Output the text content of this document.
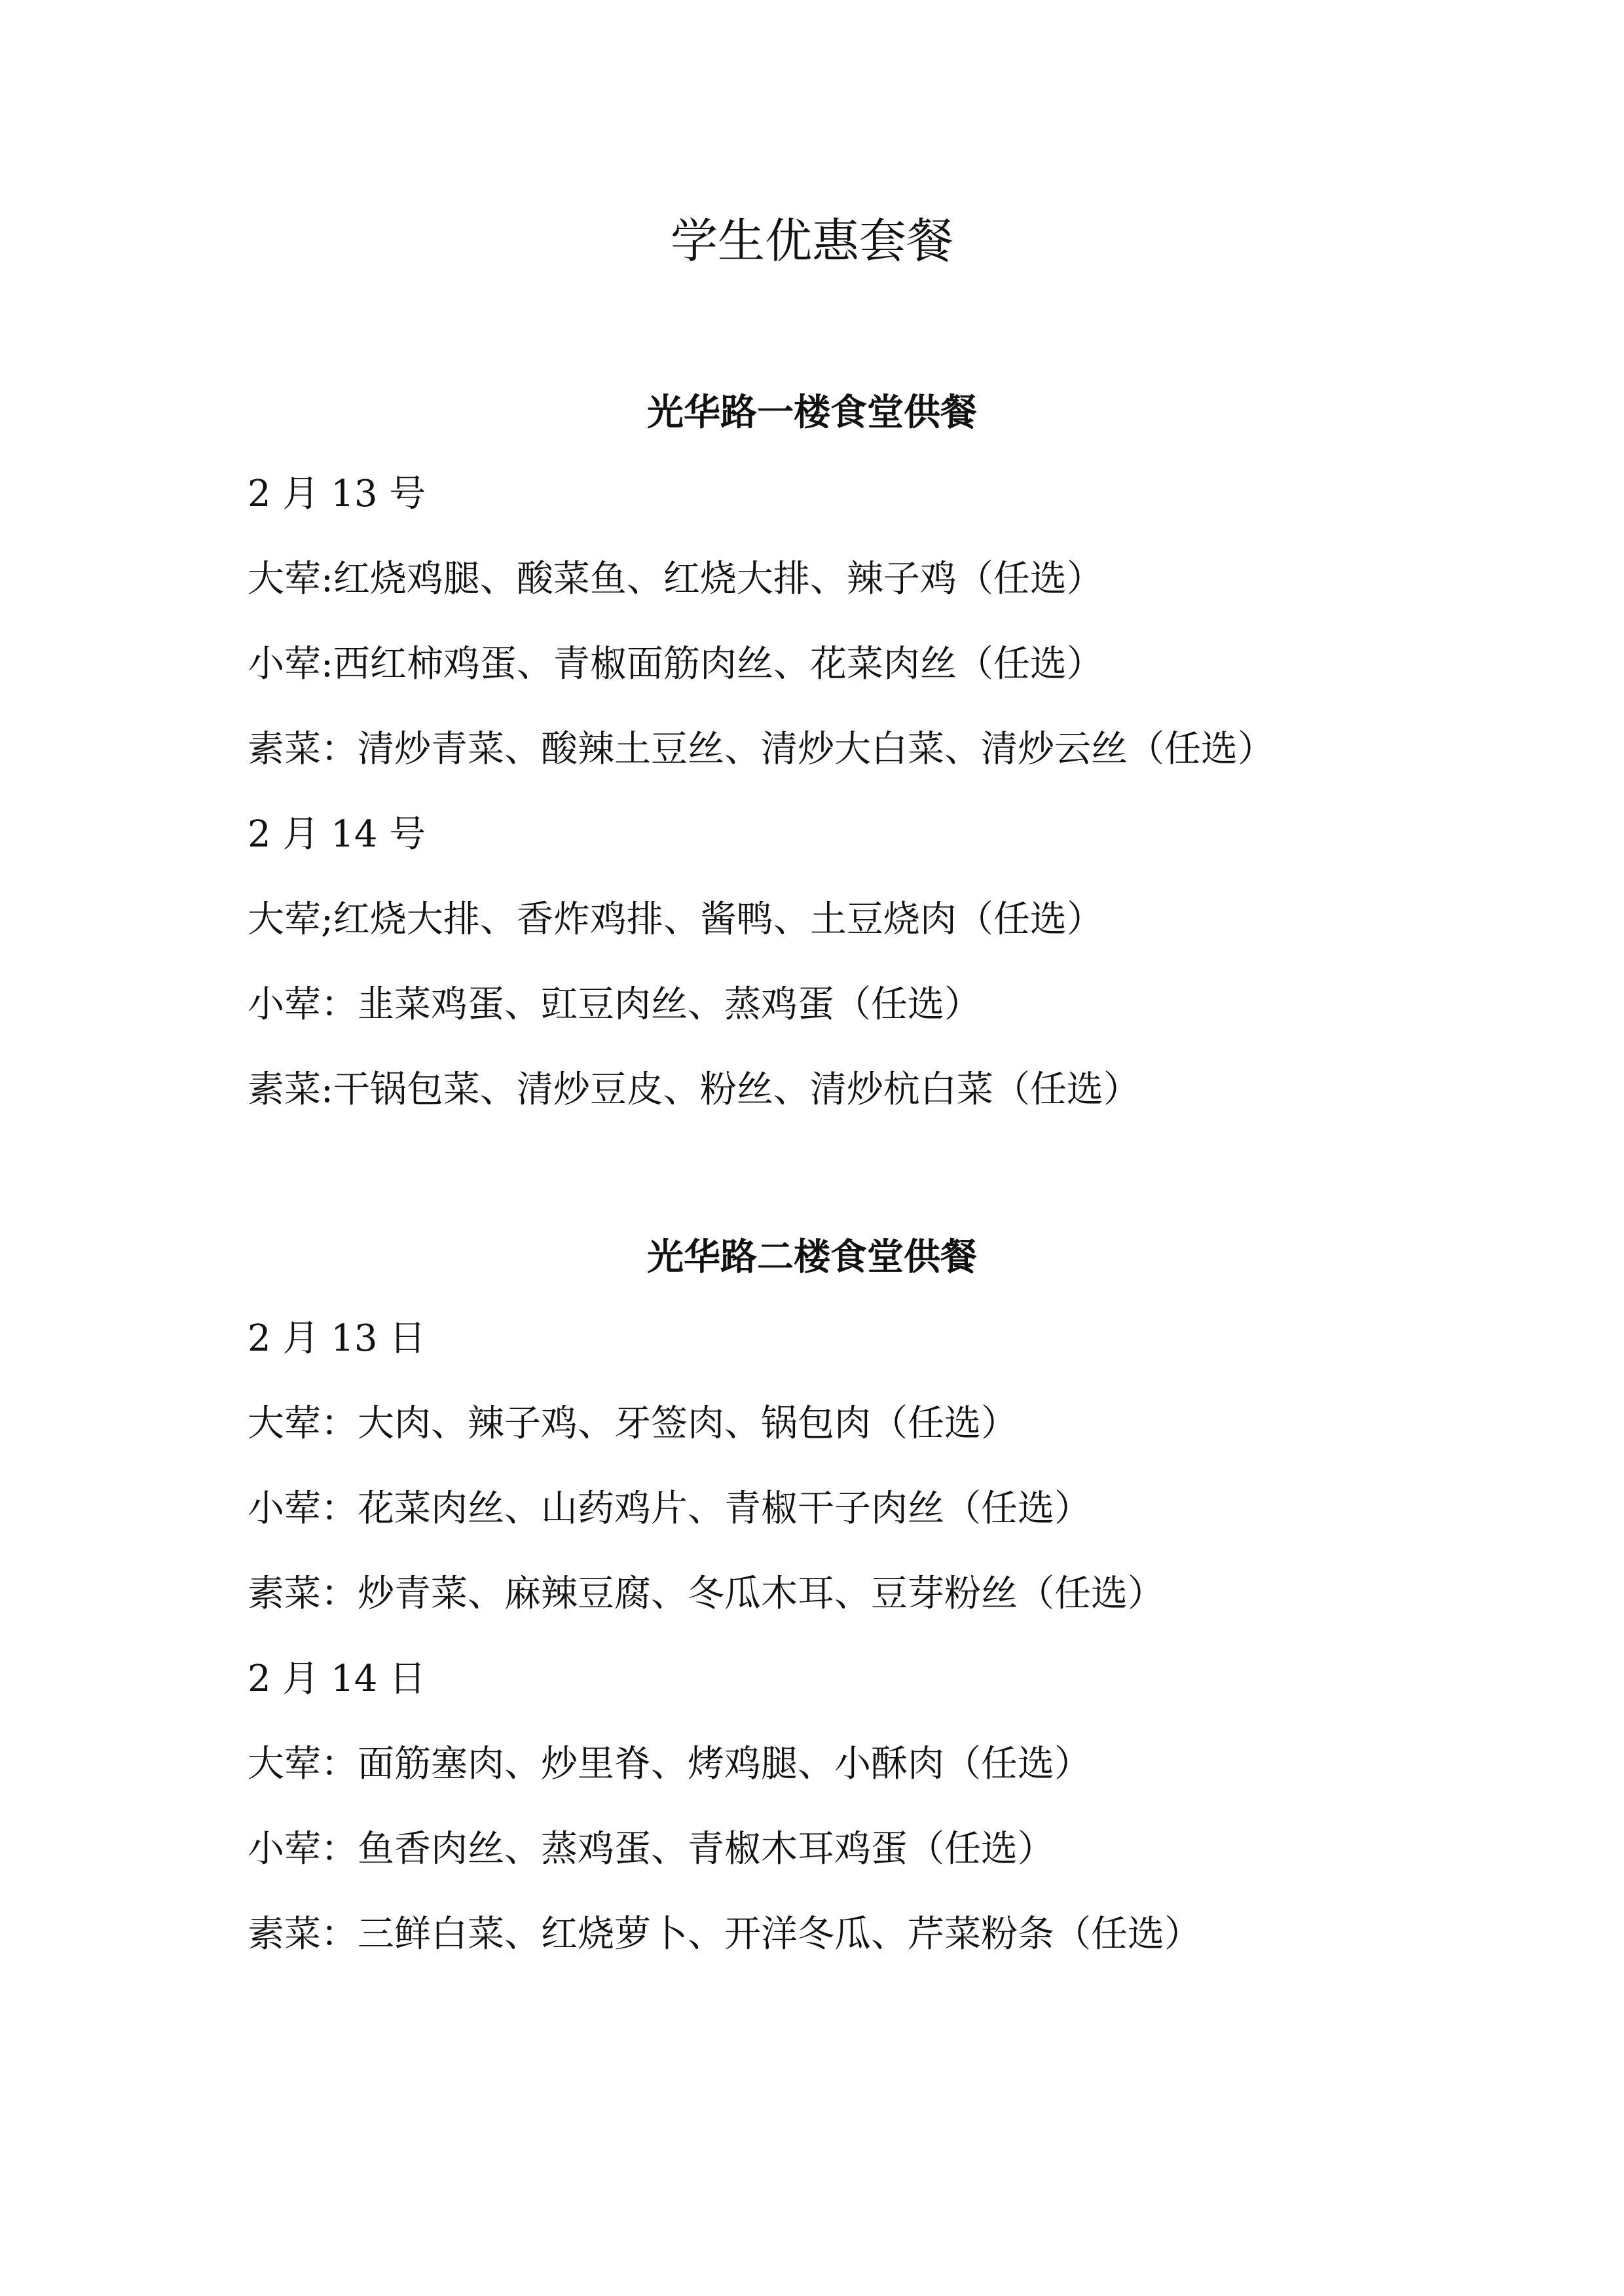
学生优惠套餐
光华路一楼食堂供餐

2 月 13 号

大荤:红烧鸡腿、酸菜鱼、红烧大排、辣子鸡（任选）

小荤:西红柿鸡蛋、青椒面筋肉丝、花菜肉丝（任选）

素菜：清炒青菜、酸辣土豆丝、清炒大白菜、清炒云丝（任选）

2 月 14 号

大荤;红烧大排、香炸鸡排、酱鸭、土豆烧肉（任选）

小荤：韭菜鸡蛋、豇豆肉丝、蒸鸡蛋（任选）

素菜:干锅包菜、清炒豆皮、粉丝、清炒杭白菜（任选）

光华路二楼食堂供餐

2 月 13 日

大荤：大肉、辣子鸡、牙签肉、锅包肉（任选）

小荤：花菜肉丝、山药鸡片、青椒干子肉丝（任选）

素菜：炒青菜、麻辣豆腐、冬瓜木耳、豆芽粉丝（任选）

2 月 14 日

大荤：面筋塞肉、炒里脊、烤鸡腿、小酥肉（任选）

小荤：鱼香肉丝、蒸鸡蛋、青椒木耳鸡蛋（任选）

素菜：三鲜白菜、红烧萝卜、开洋冬瓜、芹菜粉条（任选）
